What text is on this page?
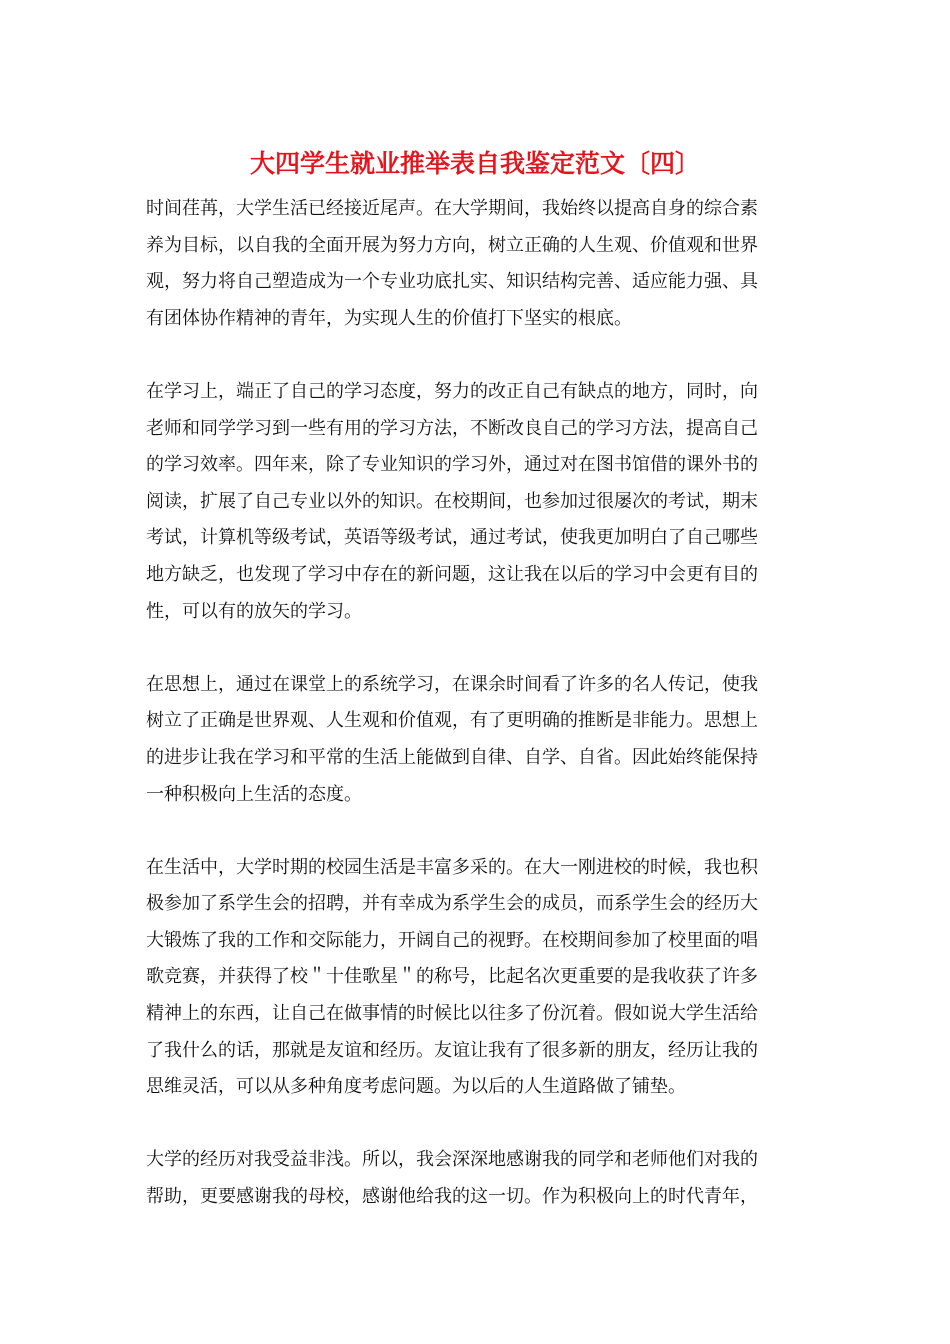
大四学生就业推举表自我鉴定范文〔四〕
时间荏苒，大学生活已经接近尾声。在大学期间，我始终以提高自身的综合素
养为目标，以自我的全面开展为努力方向，树立正确的人生观、价值观和世界
观，努力将自己塑造成为一个专业功底扎实、知识结构完善、适应能力强、具
有团体协作精神的青年，为实现人生的价值打下坚实的根底。
在学习上，端正了自己的学习态度，努力的改正自己有缺点的地方，同时，向
老师和同学学习到一些有用的学习方法，不断改良自己的学习方法，提高自己
的学习效率。四年来，除了专业知识的学习外，通过对在图书馆借的课外书的
阅读，扩展了自己专业以外的知识。在校期间，也参加过很屡次的考试，期末
考试，计算机等级考试，英语等级考试，通过考试，使我更加明白了自己哪些
地方缺乏，也发现了学习中存在的新问题，这让我在以后的学习中会更有目的
性，可以有的放矢的学习。
在思想上，通过在课堂上的系统学习，在课余时间看了许多的名人传记，使我
树立了正确是世界观、人生观和价值观，有了更明确的推断是非能力。思想上
的进步让我在学习和平常的生活上能做到自律、自学、自省。因此始终能保持
一种积极向上生活的态度。
在生活中，大学时期的校园生活是丰富多采的。在大一刚进校的时候，我也积
极参加了系学生会的招聘，并有幸成为系学生会的成员，而系学生会的经历大
大锻炼了我的工作和交际能力，开阔自己的视野。在校期间参加了校里面的唱
歌竞赛，并获得了校＂十佳歌星＂的称号，比起名次更重要的是我收获了许多
精神上的东西，让自己在做事情的时候比以往多了份沉着。假如说大学生活给
了我什么的话，那就是友谊和经历。友谊让我有了很多新的朋友，经历让我的
思维灵活，可以从多种角度考虑问题。为以后的人生道路做了铺垫。
大学的经历对我受益非浅。所以，我会深深地感谢我的同学和老师他们对我的
帮助，更要感谢我的母校，感谢他给我的这一切。作为积极向上的时代青年，
